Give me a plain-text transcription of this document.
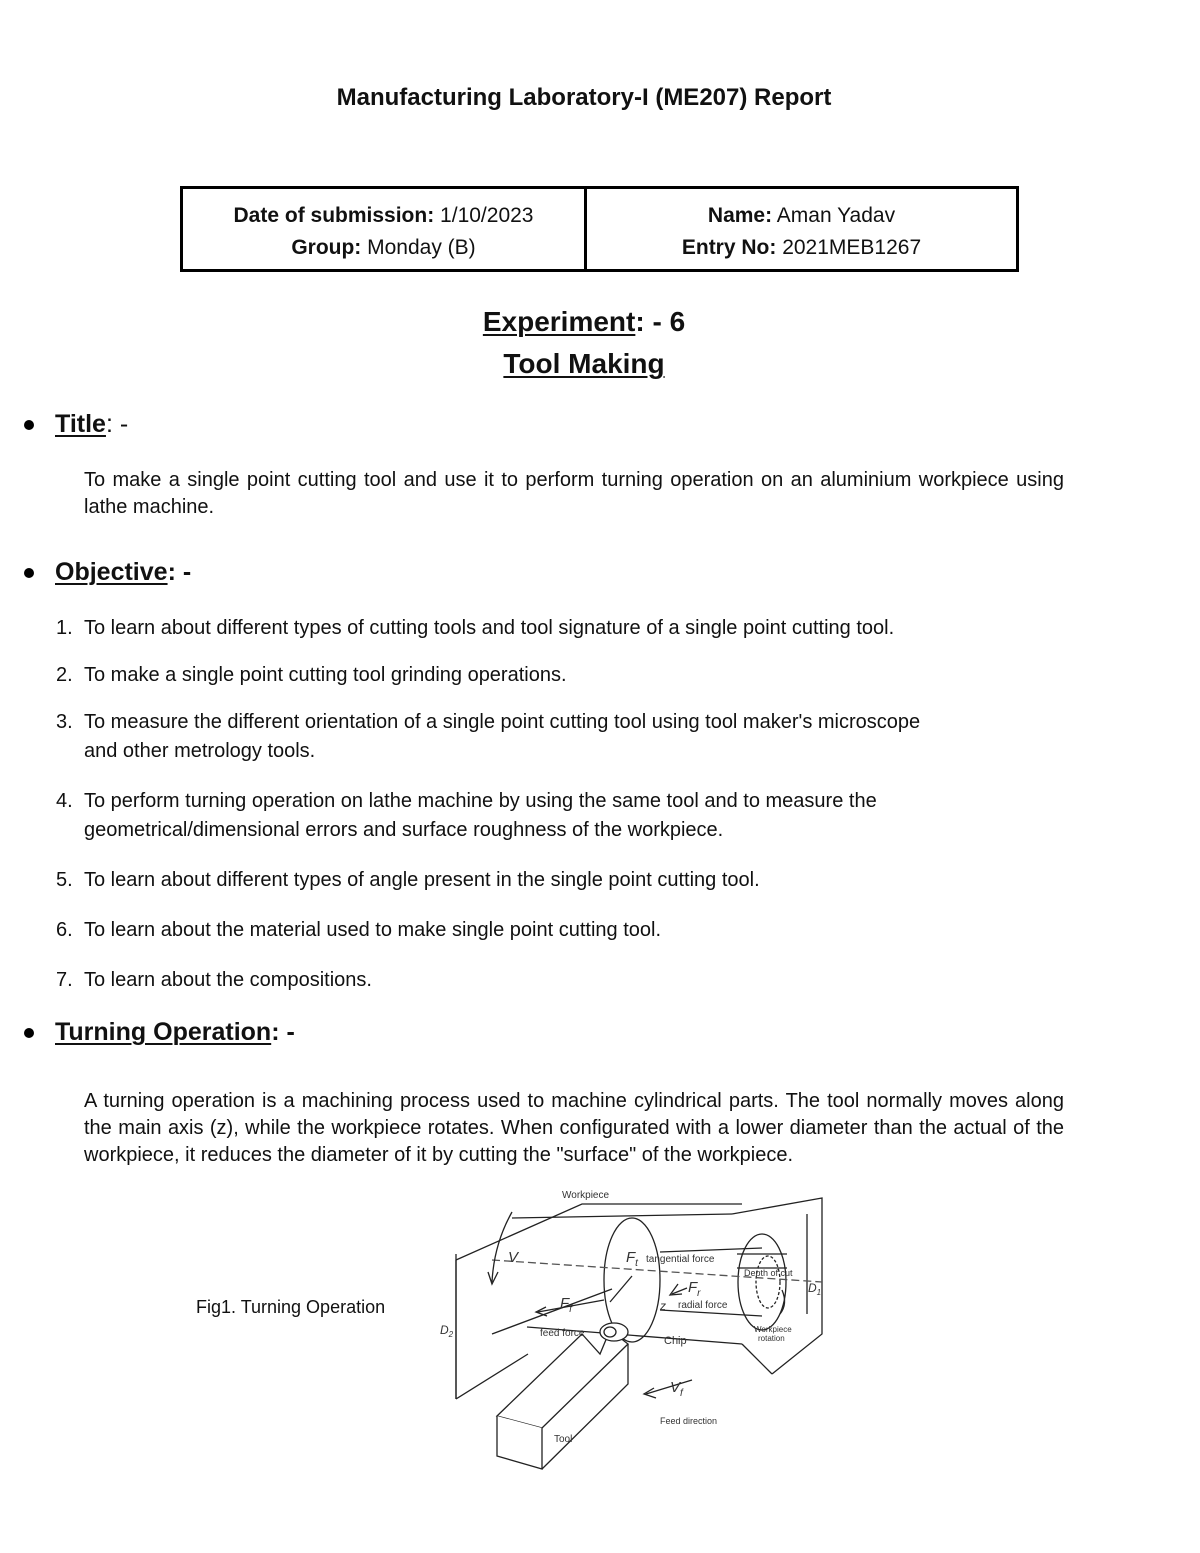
Manufacturing Laboratory-I (ME207) Report
Date of submission: 1/10/2023
Group: Monday (B)
Name: Aman Yadav
Entry No: 2021MEB1267
Experiment: - 6
Tool Making
Title : -
To make a single point cutting tool and use it to perform turning operation on an aluminium workpiece using lathe machine.
Objective : -
1. To learn about different types of cutting tools and tool signature of a single point cutting tool.
2. To make a single point cutting tool grinding operations.
3. To measure the different orientation of a single point cutting tool using tool maker's microscope and other metrology tools.
4. To perform turning operation on lathe machine by using the same tool and to measure the geometrical/dimensional errors and surface roughness of the workpiece.
5. To learn about different types of angle present in the single point cutting tool.
6. To learn about the material used to make single point cutting tool.
7. To learn about the compositions.
Turning Operation : -
A turning operation is a machining process used to machine cylindrical parts. The tool normally moves along the main axis (z), while the workpiece rotates. When configurated with a lower diameter than the actual of the workpiece, it reduces the diameter of it by cutting the "surface" of the workpiece.
Fig1. Turning Operation
Workpiece
V	$F_t$ tangential force
Depth of cut
$F_r$
radial force
$F_f$
feed force
z
Chip
Workpiece
rotation
$D_1$
$D_2$
$V_f$
Feed direction
Tool
